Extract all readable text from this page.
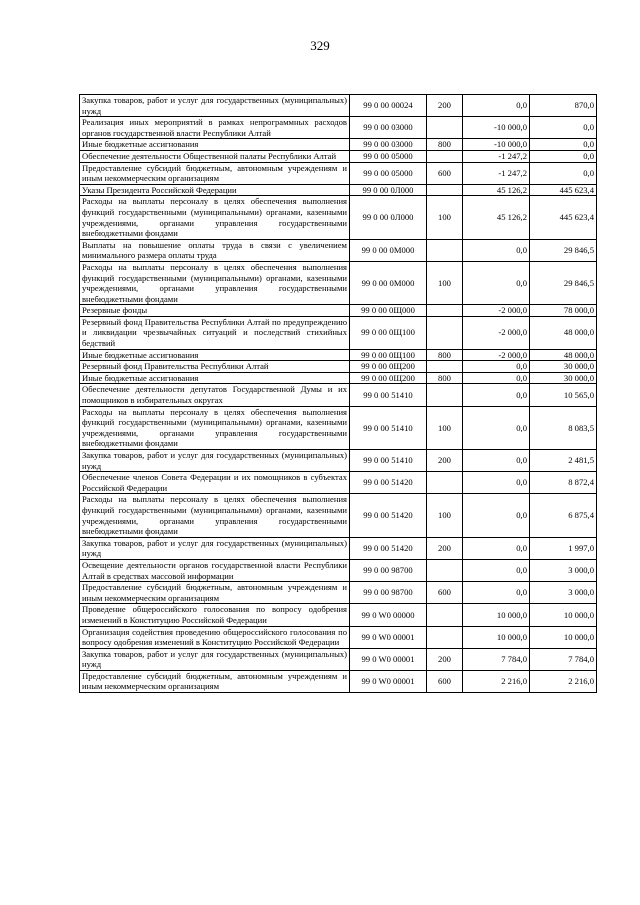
329
Закупка товаров, работ и услуг для государственных (муниципальных) нужд	99 0 00 00024	200	0,0	870,0
Реализация иных мероприятий в рамках непрограммных расходов органов государственной власти Республики Алтай	99 0 00 03000		-10 000,0	0,0
Иные бюджетные ассигнования	99 0 00 03000	800	-10 000,0	0,0
Обеспечение деятельности Общественной палаты Республики Алтай	99 0 00 05000		-1 247,2	0,0
Предоставление субсидий бюджетным, автономным учреждениям и иным некоммерческим организациям	99 0 00 05000	600	-1 247,2	0,0
Указы Президента Российской Федерации	99 0 00 0Л000		45 126,2	445 623,4
Расходы на выплаты персоналу в целях обеспечения выполнения функций государственными (муниципальными) органами, казенными учреждениями, органами управления государственными внебюджетными фондами	99 0 00 0Л000	100	45 126,2	445 623,4
Выплаты на повышение оплаты труда в связи с увеличением минимального размера оплаты труда	99 0 00 0М000		0,0	29 846,5
Расходы на выплаты персоналу в целях обеспечения выполнения функций государственными (муниципальными) органами, казенными учреждениями, органами управления государственными внебюджетными фондами	99 0 00 0М000	100	0,0	29 846,5
Резервные фонды	99 0 00 0Щ000		-2 000,0	78 000,0
Резервный фонд Правительства Республики Алтай по предупреждению и ликвидации чрезвычайных ситуаций и последствий стихийных бедствий	99 0 00 0Щ100		-2 000,0	48 000,0
Иные бюджетные ассигнования	99 0 00 0Щ100	800	-2 000,0	48 000,0
Резервный фонд Правительства Республики Алтай	99 0 00 0Щ200		0,0	30 000,0
Иные бюджетные ассигнования	99 0 00 0Щ200	800	0,0	30 000,0
Обеспечение деятельности депутатов Государственной Думы и их помощников в избирательных округах	99 0 00 51410		0,0	10 565,0
Расходы на выплаты персоналу в целях обеспечения выполнения функций государственными (муниципальными) органами, казенными учреждениями, органами управления государственными внебюджетными фондами	99 0 00 51410	100	0,0	8 083,5
Закупка товаров, работ и услуг для государственных (муниципальных) нужд	99 0 00 51410	200	0,0	2 481,5
Обеспечение членов Совета Федерации и их помощников в субъектах Российской Федерации	99 0 00 51420		0,0	8 872,4
Расходы на выплаты персоналу в целях обеспечения выполнения функций государственными (муниципальными) органами, казенными учреждениями, органами управления государственными внебюджетными фондами	99 0 00 51420	100	0,0	6 875,4
Закупка товаров, работ и услуг для государственных (муниципальных) нужд	99 0 00 51420	200	0,0	1 997,0
Освещение деятельности органов государственной власти Республики Алтай в средствах массовой информации	99 0 00 98700		0,0	3 000,0
Предоставление субсидий бюджетным, автономным учреждениям и иным некоммерческим организациям	99 0 00 98700	600	0,0	3 000,0
Проведение общероссийского голосования по вопросу одобрения изменений в Конституцию Российской Федерации	99 0 W0 00000		10 000,0	10 000,0
Организация содействия проведению общероссийского голосования по вопросу одобрения изменений в Конституцию Российской Федерации	99 0 W0 00001		10 000,0	10 000,0
Закупка товаров, работ и услуг для государственных (муниципальных) нужд	99 0 W0 00001	200	7 784,0	7 784,0
Предоставление субсидий бюджетным, автономным учреждениям и иным некоммерческим организациям	99 0 W0 00001	600	2 216,0	2 216,0
